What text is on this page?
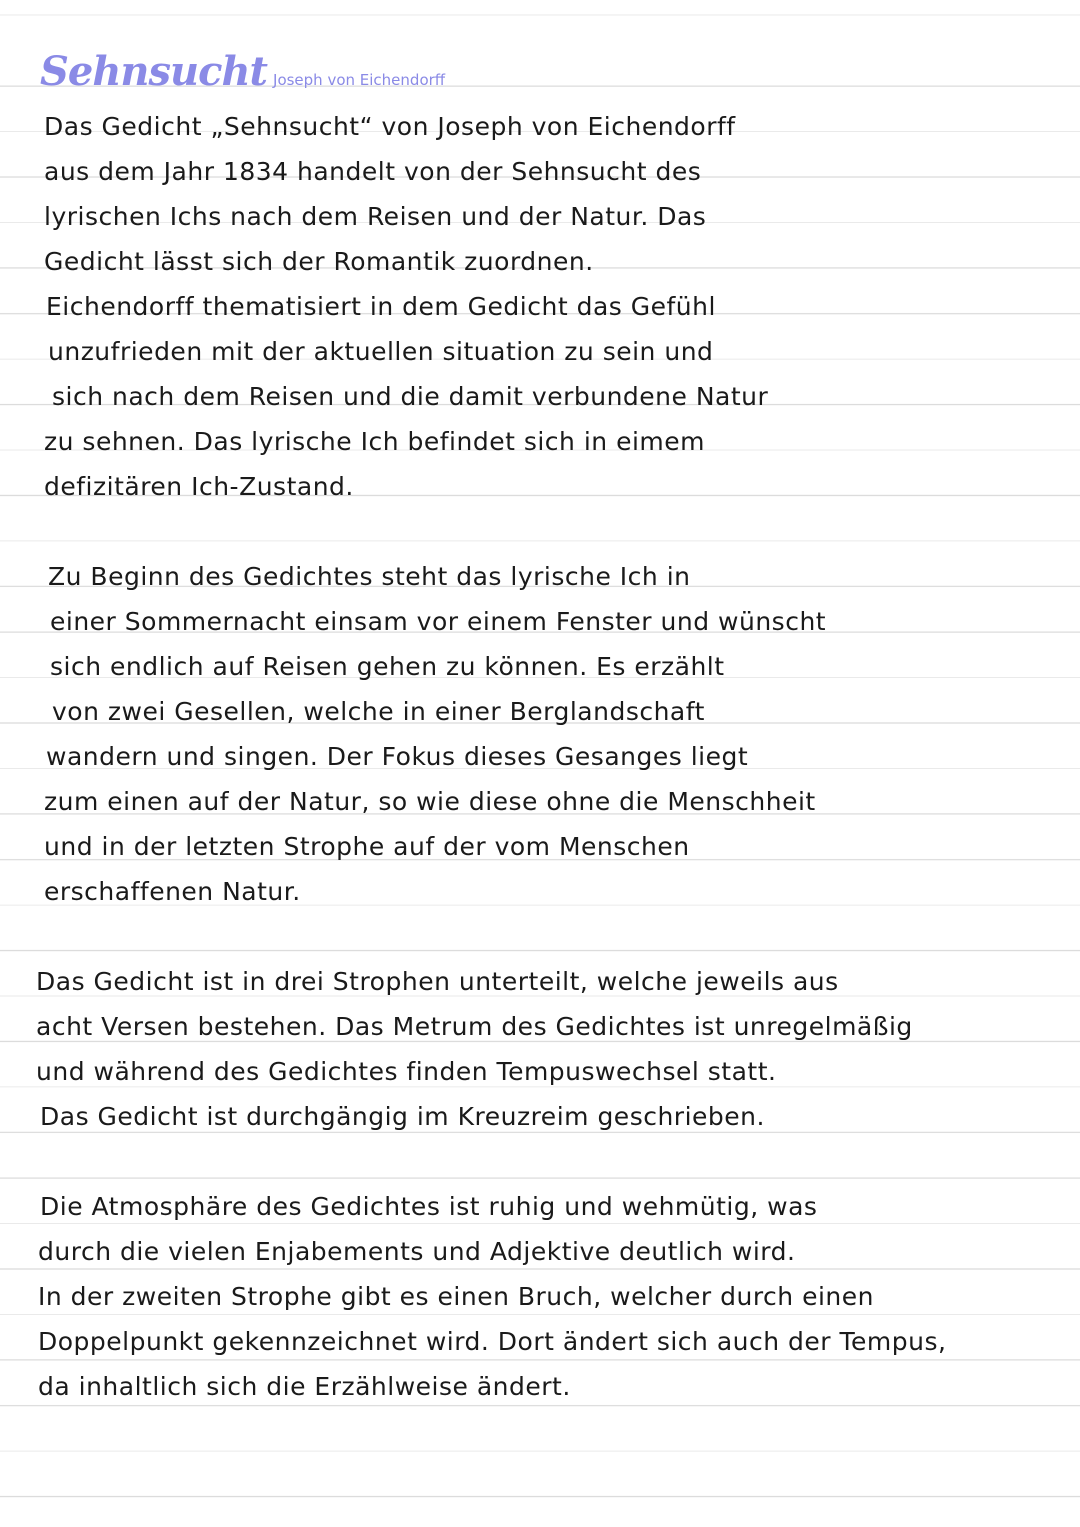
Sehnsucht Joseph von Eichendorff
Das Gedicht „Sehnsucht“ von Joseph von Eichendorff
aus dem Jahr 1834 handelt von der Sehnsucht des
lyrischen Ichs nach dem Reisen und der Natur. Das
Gedicht lässt sich der Romantik zuordnen.
Eichendorff thematisiert in dem Gedicht das Gefühl
unzufrieden mit der aktuellen situation zu sein und
sich nach dem Reisen und die damit verbundene Natur
zu sehnen. Das lyrische Ich befindet sich in eimem
defizitären Ich-Zustand.
Zu Beginn des Gedichtes steht das lyrische Ich in
einer Sommernacht einsam vor einem Fenster und wünscht
sich endlich auf Reisen gehen zu können. Es erzählt
von zwei Gesellen, welche in einer Berglandschaft
wandern und singen. Der Fokus dieses Gesanges liegt
zum einen auf der Natur, so wie diese ohne die Menschheit
und in der letzten Strophe auf der vom Menschen
erschaffenen Natur.
Das Gedicht ist in drei Strophen unterteilt, welche jeweils aus
acht Versen bestehen. Das Metrum des Gedichtes ist unregelmäßig
und während des Gedichtes finden Tempuswechsel statt.
Das Gedicht ist durchgängig im Kreuzreim geschrieben.
Die Atmosphäre des Gedichtes ist ruhig und wehmütig, was
durch die vielen Enjabements und Adjektive deutlich wird.
In der zweiten Strophe gibt es einen Bruch, welcher durch einen
Doppelpunkt gekennzeichnet wird. Dort ändert sich auch der Tempus,
da inhaltlich sich die Erzählweise ändert.
